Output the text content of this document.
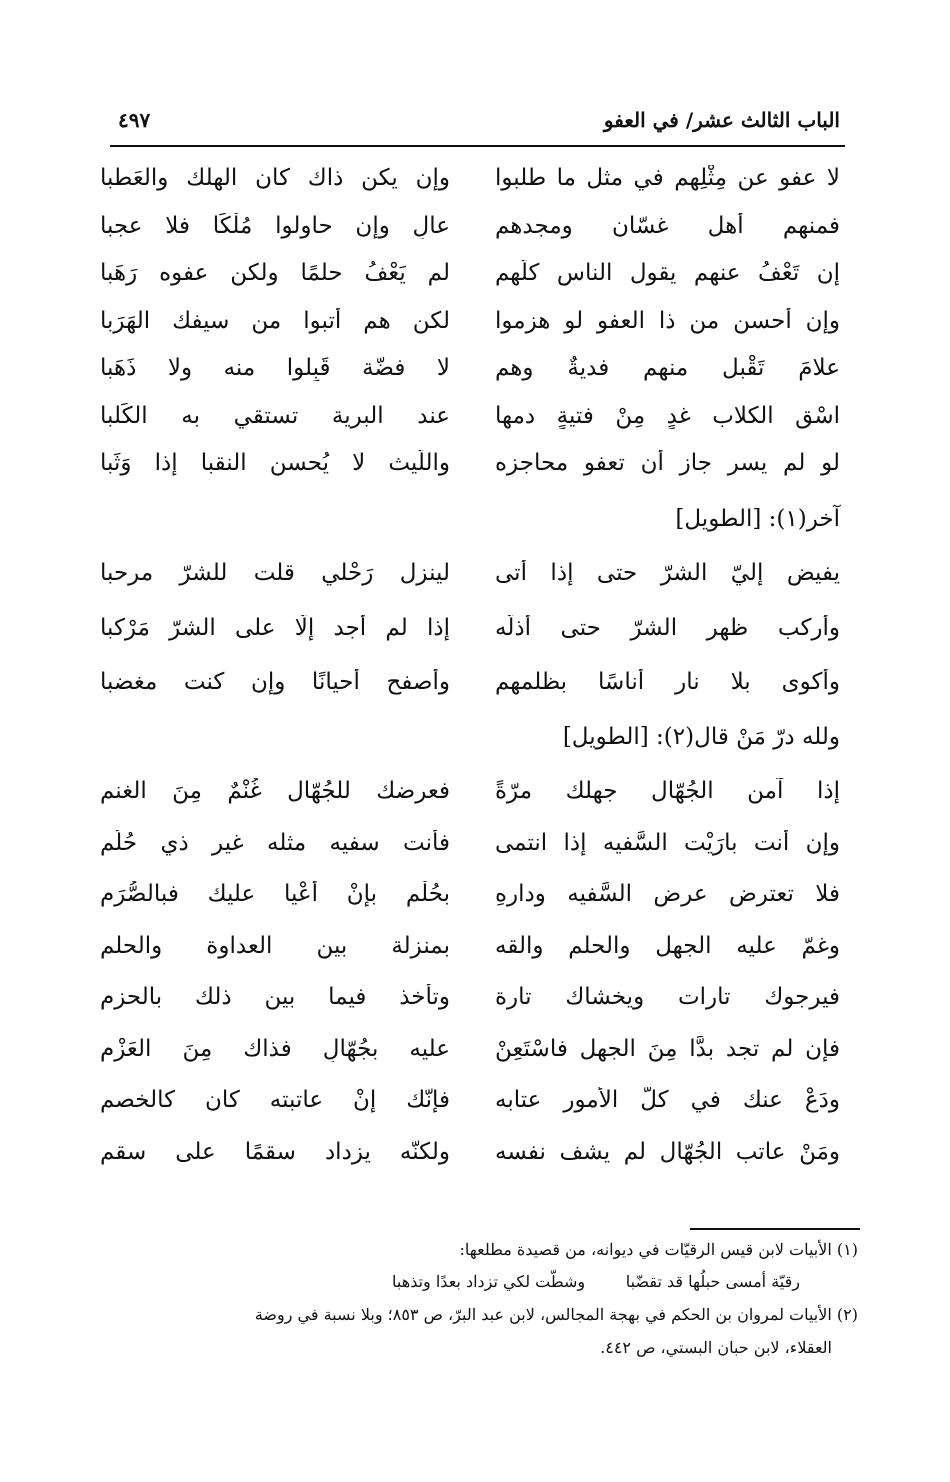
الباب الثالث عشر/ في العفو
٤٩٧
لا عفو عن مِثْلِهِم في مثل ما طلبوا
وإن يكن ذاك كان الهلك والعَطبا
فمنهم أهل غسّان ومجدهم
عالٍ وإن حاولوا مُلْكًا فلا عجبا
إن تَعْفُ عنهم يقول الناس كلّهم
لم يَعْفُ حلمًا ولكن عفوه رَهَبا
وإن أحسن من ذا العفو لو هزموا
لكن هم أتبوا من سيفك الهَرَبا
علامَ تَقْبل منهم فديةٌ وهم
لا فضّة قَبِلوا منه ولا ذَهَبا
اسْقِ الكلاب غدٍ مِنْ فتيةٍ دمها
عند البرية تستقي به الكَلبا
لو لم يسر جاز أن تعفو محاجزه
واللّيث لا يُحسن النقبا إذا وَثَبا
آخر(١): [الطويل]
يفيض إليّ الشرّ حتى إذا أتى
لينزل رَحْلي قلت للشرّ مرحبا
وأركب ظهر الشرّ حتى أذلّه
إذا لم أجد إلّا على الشرّ مَرْكبا
وأكوى بلا نارٍ أُناسًا بظلمهم
وأصفح أحيانًا وإن كنت مغضبا
ولله درّ مَنْ قال(٢): [الطويل]
إذا آمن الجُهّال جهلك مرّةً
فعرضك للجُهّال غُنْمٌ مِنَ الغنم
وإن أنت بارَيْت السَّفيه إذا انتمى
فأنت سفيه مثله غير ذي حُلُم
فلا تعترض عرض السَّفيه ودارِهِ
بحُلْم بإنْ أعْيا عليك فبالصُّرَم
وغمّ عليه الجهل والحلم والقه
بمنزلة بين العداوة والحلم
فيرجوك تارات ويخشاك تارة
وتأخذ فيما بين ذلك بالحزم
فإن لم تجد بدًّا مِنَ الجهل فاسْتَعِنْ
عليه بجُهّالٍ فذاك مِنَ العَزْم
ودَعْ عنك في كلّ الأُمور عتابه
فإنّك إنْ عاتبته كان كالخصم
ومَنْ عاتب الجُهّال لم يشف نفسه
ولكنّه يزداد سقمًا على سقم
(١) الأبيات لابن قيس الرقيّات في ديوانه، من قصيدة مطلعها:
رقيّة أمسى حبلُها قد تقضّبا        وشطّت لكي تزداد بعدًا وتذهبا
(٢) الأبيات لمروان بن الحكم في بهجة المجالس، لابن عبد البرّ، ص ٨٥٣؛ وبلا نسبة في روضة
العقلاء، لابن حبان البستي، ص ٤٤٢.
